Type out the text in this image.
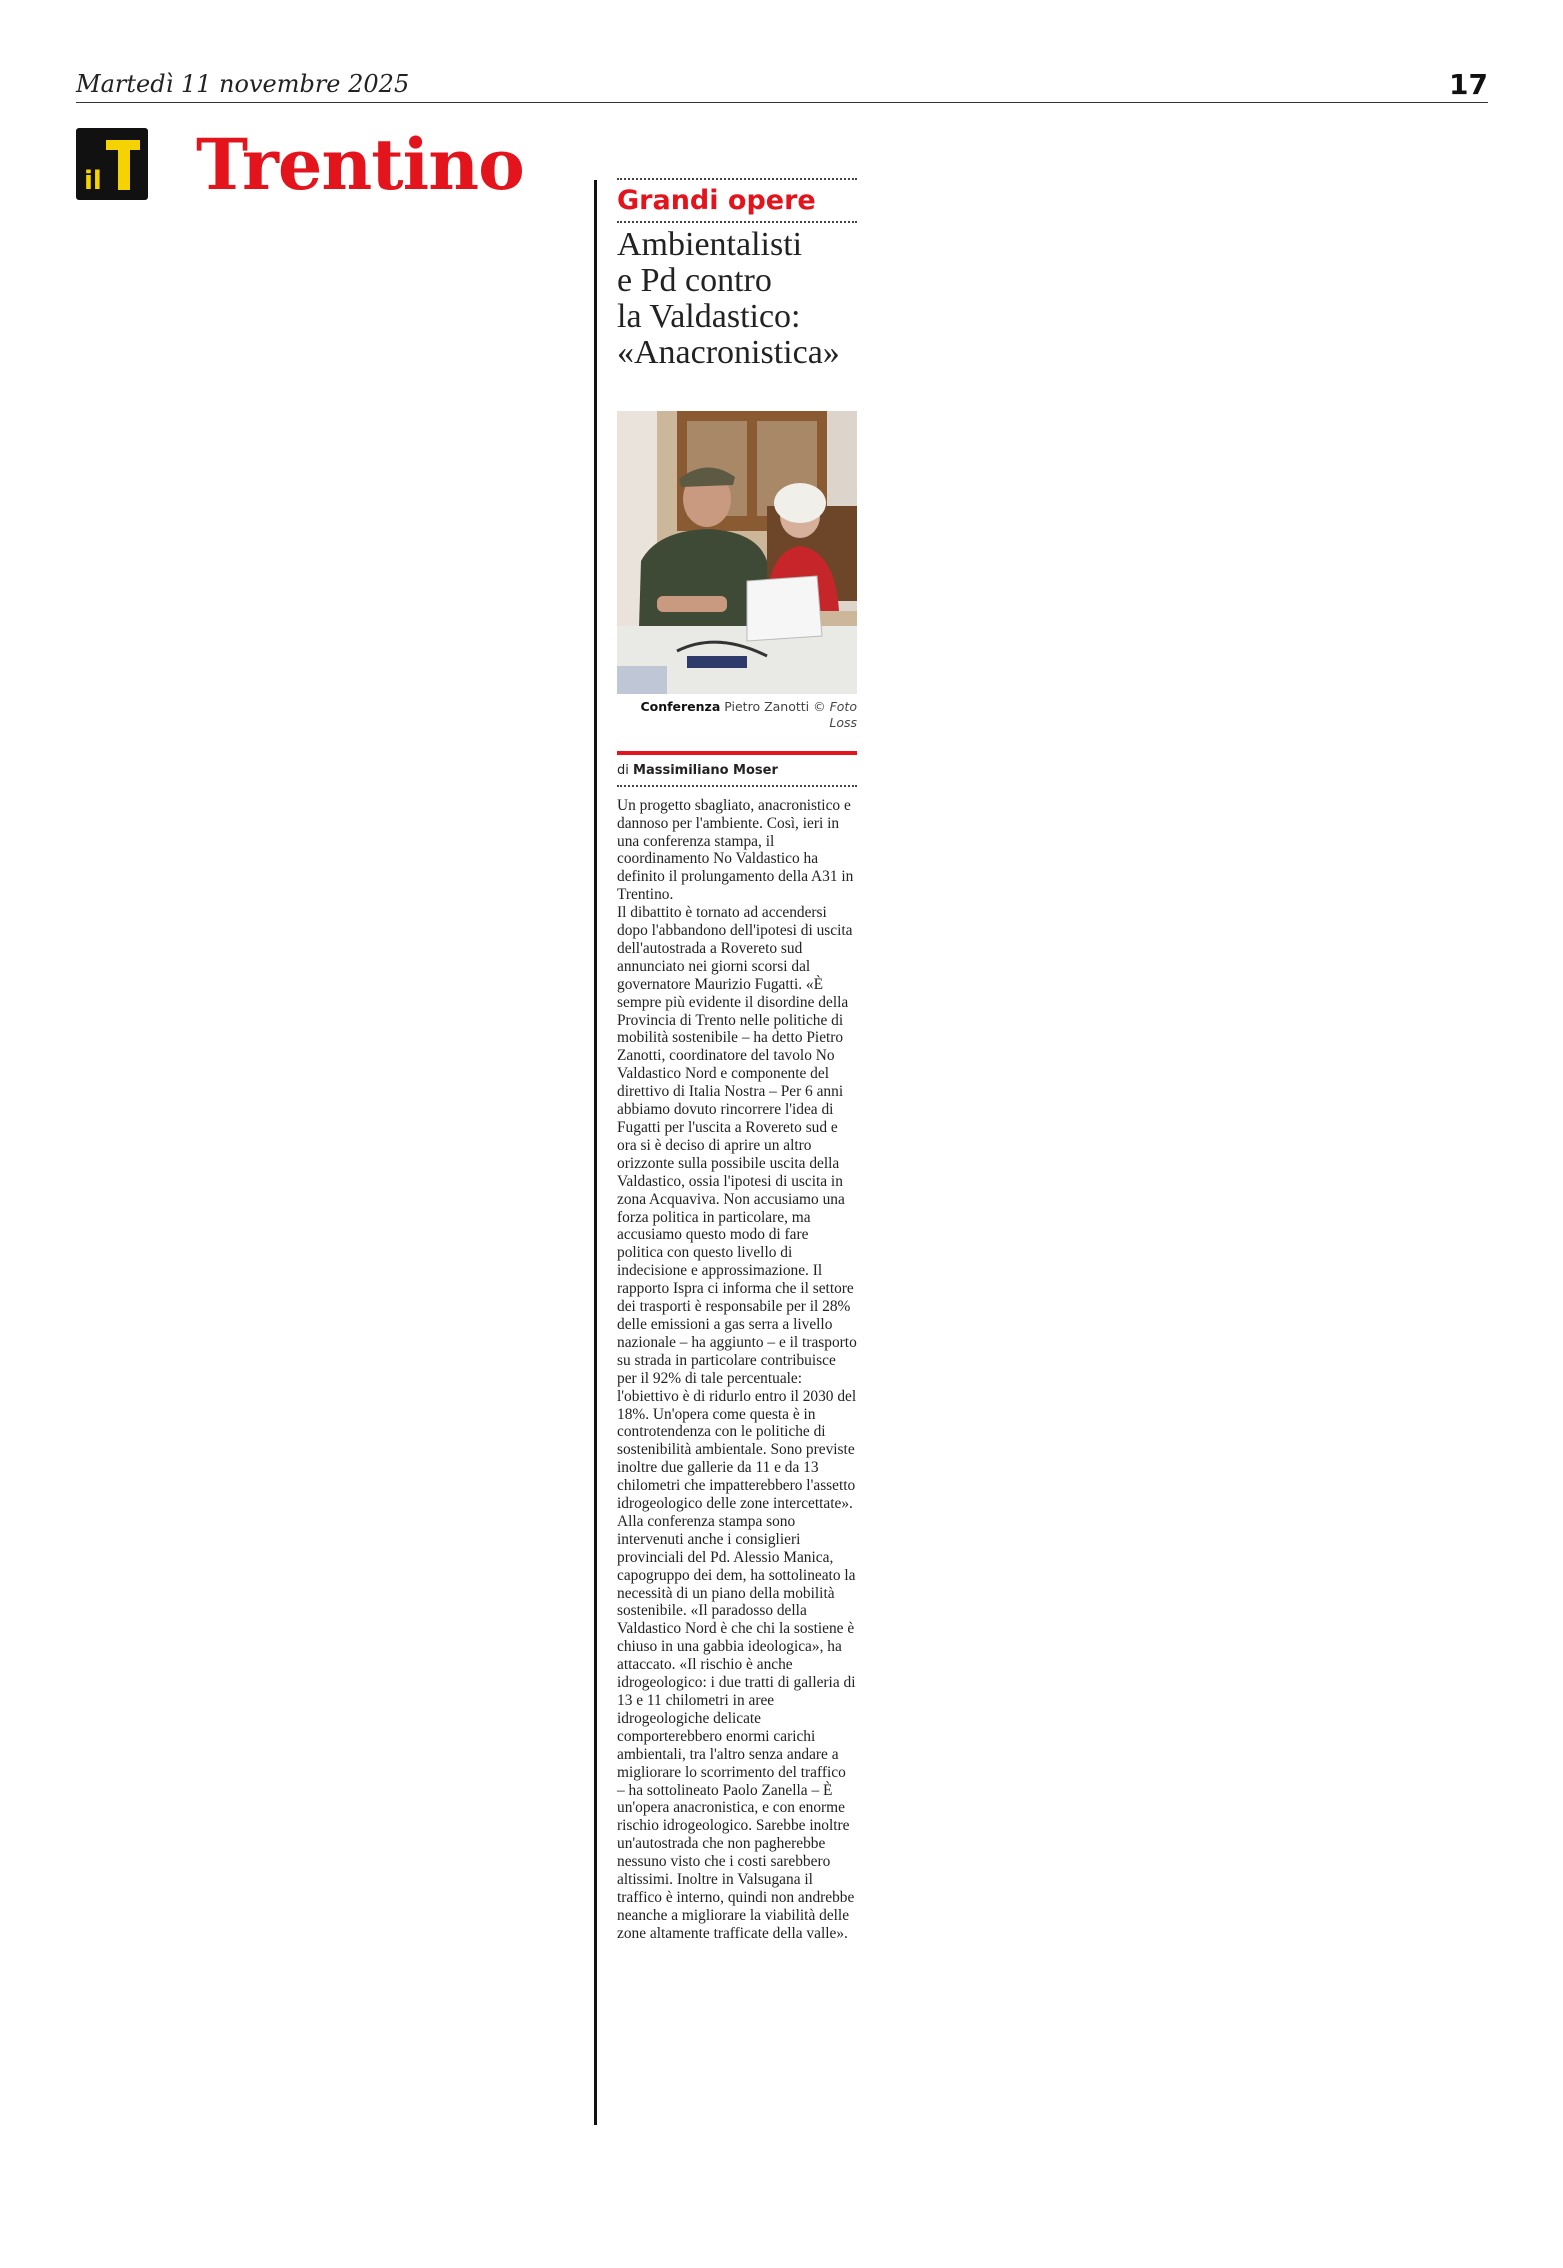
Martedì 11 novembre 2025	17
il Trentino	Grandi opere
Ambientalisti
e Pd contro
la Valdastico:
«Anacronistica»
Conferenza Pietro Zanotti © Foto Loss
di Massimiliano Moser

Un progetto sbagliato, anacronistico e dannoso per l'ambiente. Così, ieri in una conferenza stampa, il coordinamento No Valdastico ha definito il prolungamento della A31 in Trentino.

Il dibattito è tornato ad accendersi dopo l'abbandono dell'ipotesi di uscita dell'autostrada a Rovereto sud annunciato nei giorni scorsi dal governatore Maurizio Fugatti. «È sempre più evidente il disordine della Provincia di Trento nelle politiche di mobilità sostenibile – ha detto Pietro Zanotti, coordinatore del tavolo No Valdastico Nord e componente del direttivo di Italia Nostra – Per 6 anni abbiamo dovuto rincorrere l'idea di Fugatti per l'uscita a Rovereto sud e ora si è deciso di aprire un altro orizzonte sulla possibile uscita della Valdastico, ossia l'ipotesi di uscita in zona Acquaviva. Non accusiamo una forza politica in particolare, ma accusiamo questo modo di fare politica con questo livello di indecisione e approssimazione. Il rapporto Ispra ci informa che il settore dei trasporti è responsabile per il 28% delle emissioni a gas serra a livello nazionale – ha aggiunto – e il trasporto su strada in particolare contribuisce per il 92% di tale percentuale: l'obiettivo è di ridurlo entro il 2030 del 18%. Un'opera come questa è in controtendenza con le politiche di sostenibilità ambientale. Sono previste inoltre due gallerie da 11 e da 13 chilometri che impatterebbero l'assetto idrogeologico delle zone intercettate».

Alla conferenza stampa sono intervenuti anche i consiglieri provinciali del Pd. Alessio Manica, capogruppo dei dem, ha sottolineato la necessità di un piano della mobilità sostenibile. «Il paradosso della Valdastico Nord è che chi la sostiene è chiuso in una gabbia ideologica», ha attaccato. «Il rischio è anche idrogeologico: i due tratti di galleria di 13 e 11 chilometri in aree idrogeologiche delicate comporterebbero enormi carichi ambientali, tra l'altro senza andare a migliorare lo scorrimento del traffico – ha sottolineato Paolo Zanella – È un'opera anacronistica, e con enorme rischio idrogeologico. Sarebbe inoltre un'autostrada che non pagherebbe nessuno visto che i costi sarebbero altissimi. Inoltre in Valsugana il traffico è interno, quindi non andrebbe neanche a migliorare la viabilità delle zone altamente trafficate della valle».
